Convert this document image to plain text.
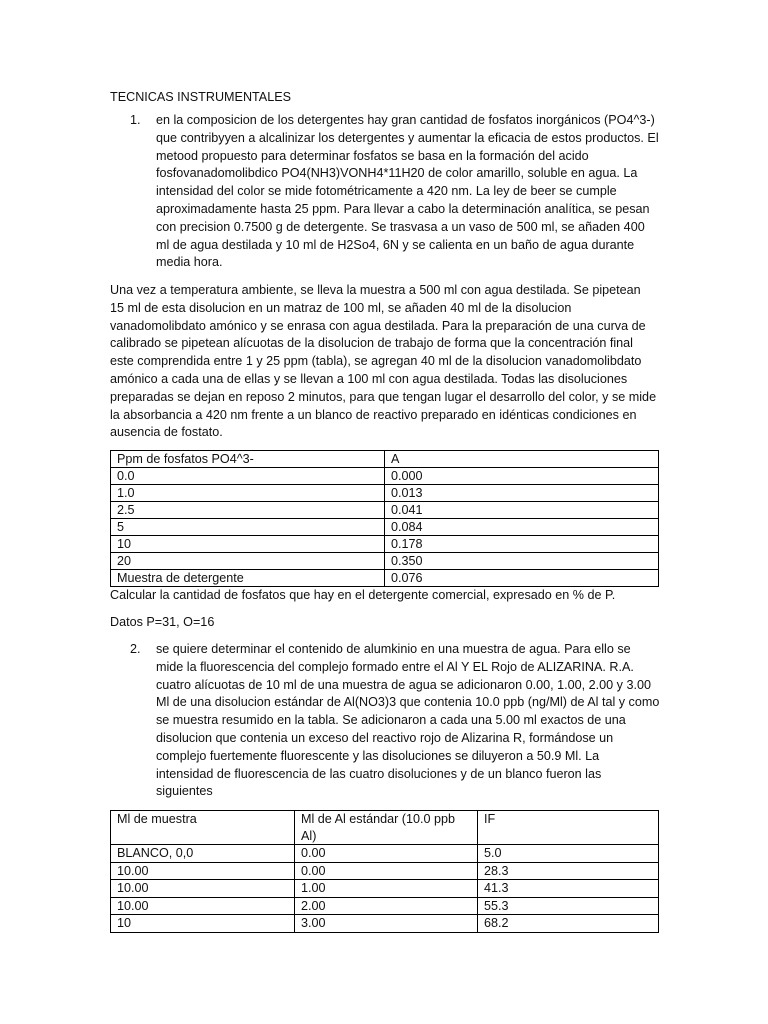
TECNICAS INSTRUMENTALES
1. en la composicion de los detergentes hay gran cantidad de fosfatos inorgánicos (PO4^3-) que contribyyen a alcalinizar los detergentes y aumentar la eficacia de estos productos. El metood propuesto para determinar fosfatos se basa en la formación del acido fosfovanadomolibdico PO4(NH3)VONH4*11H20 de color amarillo, soluble en agua. La intensidad del color se mide fotométricamente a 420 nm. La ley de beer se cumple aproximadamente hasta 25 ppm. Para llevar a cabo la determinación analítica, se pesan con precision 0.7500 g de detergente. Se trasvasa a un vaso de 500 ml, se añaden 400 ml de agua destilada y 10 ml de H2So4, 6N y se calienta en un baño de agua durante media hora.
Una vez a temperatura ambiente, se lleva la muestra a 500 ml con agua destilada. Se pipetean 15 ml de esta disolucion en un matraz de 100 ml, se añaden 40 ml de la disolucion vanadomolibdato amónico y se enrasa con agua destilada. Para la preparación de una curva de calibrado se pipetean alícuotas de la disolucion de trabajo de forma que la concentración final este comprendida entre 1 y 25 ppm (tabla), se agregan 40 ml de la disolucion vanadomolibdato amónico a cada una de ellas y se llevan a 100 ml con agua destilada. Todas las disoluciones preparadas se dejan en reposo 2 minutos, para que tengan lugar el desarrollo del color, y se mide la absorbancia a 420 nm frente a un blanco de reactivo preparado en idénticas condiciones en ausencia de fostato.
Ppm de fosfatos PO4^3-	A
0.0	0.000
1.0	0.013
2.5	0.041
5	0.084
10	0.178
20	0.350
Muestra de detergente	0.076
Calcular la cantidad de fosfatos que hay en el detergente comercial, expresado en % de P.
Datos P=31, O=16
2. se quiere determinar el contenido de alumkinio en una muestra de agua. Para ello se mide la fluorescencia del complejo formado entre el Al Y EL Rojo de ALIZARINA. R.A. cuatro alícuotas de 10 ml de una muestra de agua se adicionaron 0.00, 1.00, 2.00 y 3.00 Ml de una disolucion estándar de Al(NO3)3 que contenia 10.0 ppb (ng/Ml) de Al tal y como se muestra resumido en la tabla. Se adicionaron a cada una 5.00 ml exactos de una disolucion que contenia un exceso del reactivo rojo de Alizarina R, formándose un complejo fuertemente fluorescente y las disoluciones se diluyeron a 50.9 Ml. La intensidad de fluorescencia de las cuatro disoluciones y de un blanco fueron las siguientes
Ml de muestra	Ml de Al estándar (10.0 ppb Al)	IF
BLANCO, 0,0	0.00	5.0
10.00	0.00	28.3
10.00	1.00	41.3
10.00	2.00	55.3
10	3.00	68.2
